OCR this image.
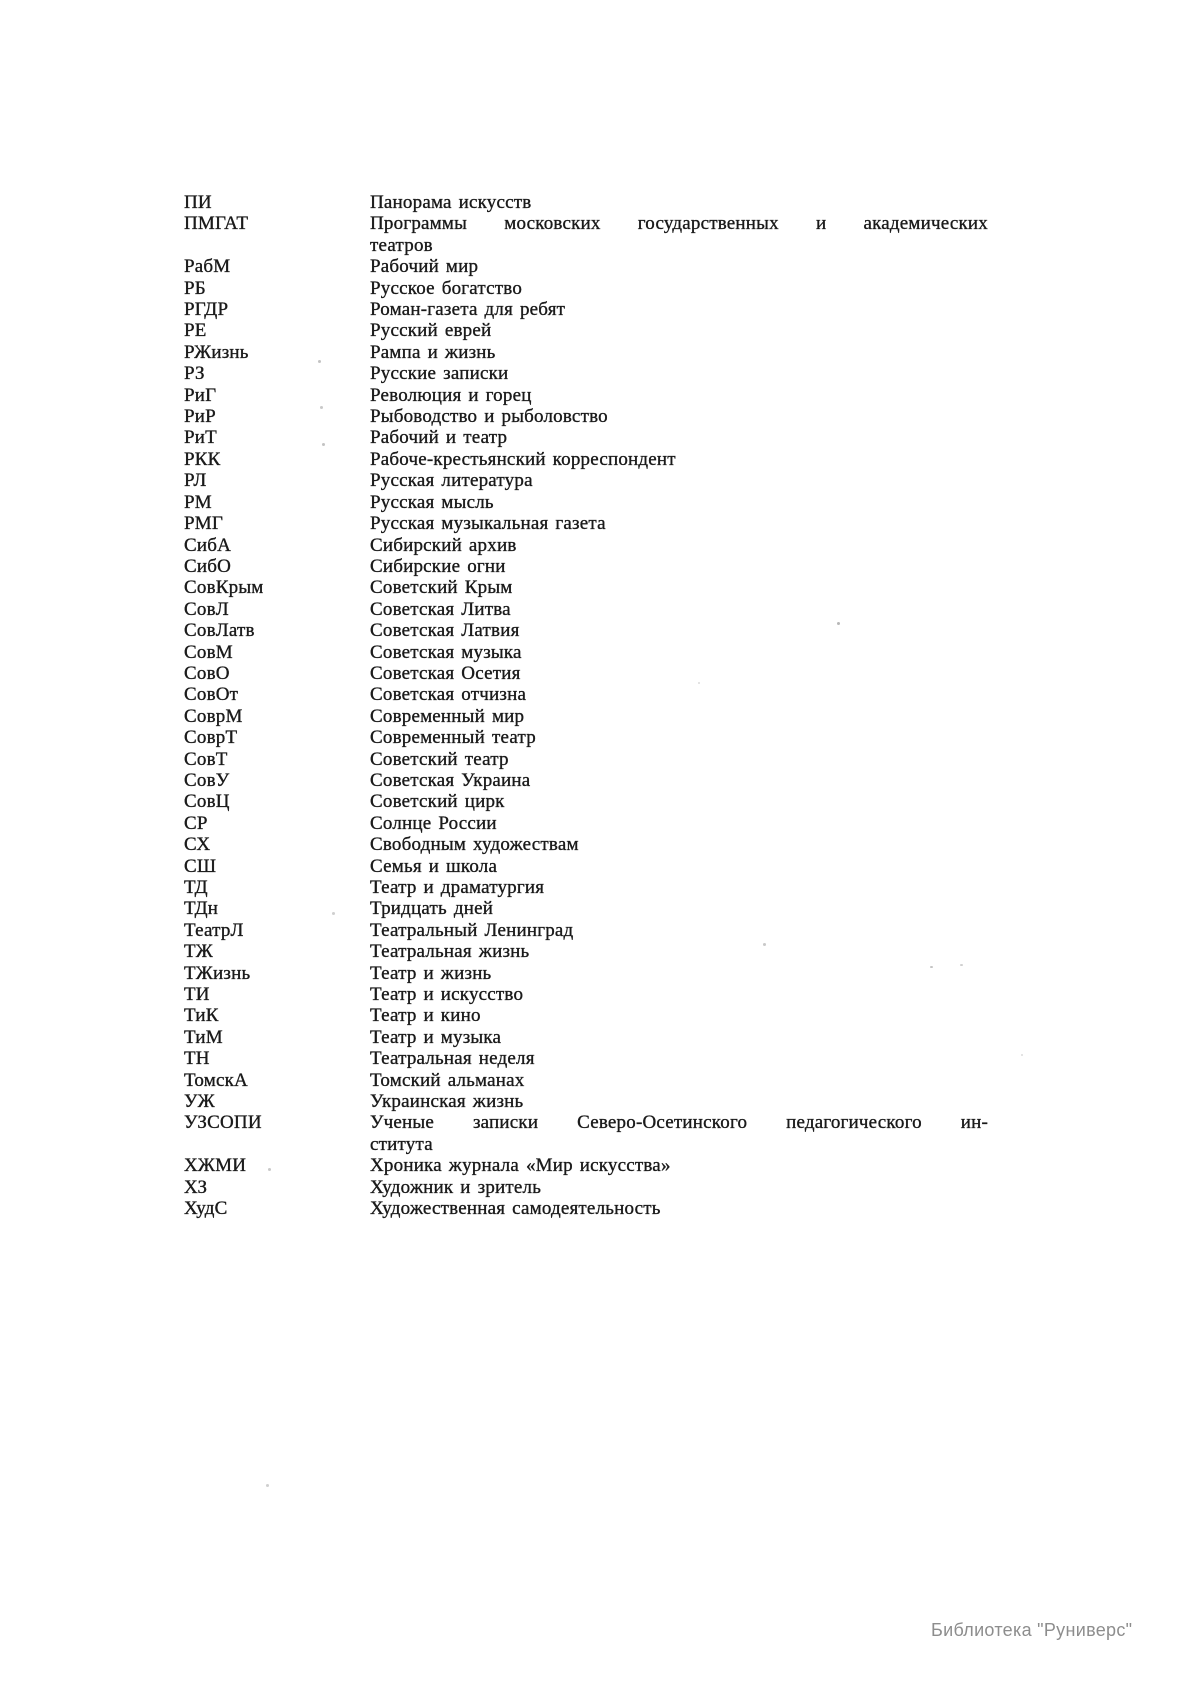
ПИ	Панорама искусств
ПМГАТ	Программы московских государственных и академических
театров
РабМ	Рабочий мир
РБ	Русское богатство
РГДР	Роман-газета для ребят
РЕ	Русский еврей
РЖизнь	Рампа и жизнь
РЗ	Русские записки
РиГ	Революция и горец
РиР	Рыбоводство и рыболовство
РиТ	Рабочий и театр
РКК	Рабоче-крестьянский корреспондент
РЛ	Русская литература
РМ	Русская мысль
РМГ	Русская музыкальная газета
СибА	Сибирский архив
СибО	Сибирские огни
СовКрым	Советский Крым
СовЛ	Советская Литва
СовЛатв	Советская Латвия
СовМ	Советская музыка
СовО	Советская Осетия
СовОт	Советская отчизна
СоврМ	Современный мир
СоврТ	Современный театр
СовТ	Советский театр
СовУ	Советская Украина
СовЦ	Советский цирк
СР	Солнце России
СХ	Свободным художествам
СШ	Семья и школа
ТД	Театр и драматургия
ТДн	Тридцать дней
ТеатрЛ	Театральный Ленинград
ТЖ	Театральная жизнь
ТЖизнь	Театр и жизнь
ТИ	Театр и искусство
ТиК	Театр и кино
ТиМ	Театр и музыка
ТН	Театральная неделя
ТомскА	Томский альманах
УЖ	Украинская жизнь
УЗСОПИ	Ученые записки Северо-Осетинского педагогического ин-
ститута
ХЖМИ	Хроника журнала «Мир искусства»
ХЗ	Художник и зритель
ХудС	Художественная самодеятельность
Библиотека "Руниверс"
